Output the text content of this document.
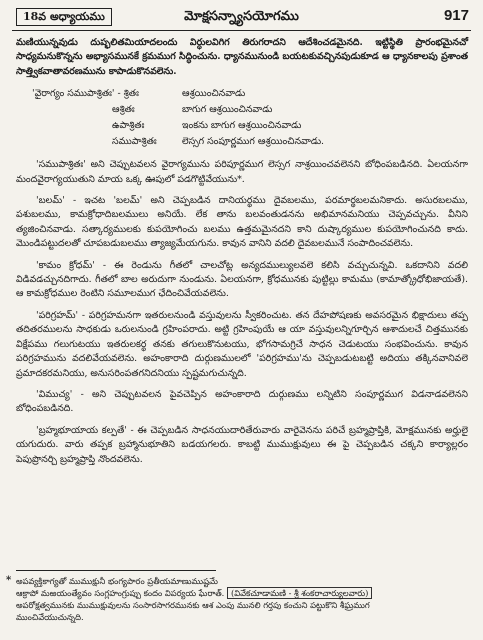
18వ అధ్యాయము	మోక్షసన్న్యాసయోగము	917

మణియున్నవుడు దుష్ఫలితమియాదలందు విర్ధులవిగిగ తిరుగరాదని ఆదేశించడమైనది. ఇట్టిస్థితి ప్రారంభమైనచో సాధ్యమనుకొన్నను అభ్యాసమునకే క్రమముగ సిద్ధించును. ధ్యానమునుండి బయటకువచ్చినపుడుకూడ ఆ ధ్యానకాలపు ప్రశాంత సాత్త్వికవాతావరణమును కాపాడుకొనవలెను.

'వైరాగ్యం సముపాశ్రితః' - శ్రితః	ఆశ్రయించినవాడు
ఆశ్రితః	బాగుగ ఆశ్రయించినవాడు
ఉపాశ్రితః	ఇంకను బాగుగ ఆశ్రయించినవాడు
సముపాశ్రితః	లెస్సగ సంపూర్ణముగ ఆశ్రయించినవాడు.

'సముపాశ్రితః' అని చెప్పుటవలన వైరాగ్యమును పరిపూర్ణముగ లెస్సగ నాశ్రయించవలెనని బోధింపబడినది. ఏలయనగా మందవైరాగ్యయుతుని మాయ ఒక్క ఊపులో పడగొట్టివేయును*.

'బలమ్' - ఇచట 'బలమ్' అని చెప్పబడిన దానియర్థము దైవబలము, పరమార్థబలమనికాదు. అసురబలము, పశుబలము, కామక్రోధాదిబలములు అనియే. లేక తాను బలవంతుడనను అభిమానమనియు చెప్పవచ్చును. వీనిని త్యజించినవాడు. సత్కార్యములకు కుపయోగించు బలము ఉత్తమమైనదని కాని దుష్కార్యముల కుపయోగించునది కాదు. మొండిపట్టుదలతో చూపబడుబలము త్యాజ్యమేయగును. కావున వానిని వదలి దైవబలమునే సంపాదించవలెను.

'కామం క్రోధమ్' - ఈ రెండును గీతలో చాలచోట్ల అన్యదముల్యులవలె కలిసి వచ్చుచున్నవి. ఒకదానిని వదలి విడివడచ్చునదిగాదు. గీతలో బాల అరుదుగా నుండును. ఏలయనగా, క్రోధమునకు పుట్టిల్లు కామము (కామాత్క్రోధోభిజాయతే). ఆ కామక్రోధముల రెంటిని సమూలముగ ఛేదించివేయవలెను.

'పరిగ్రహమ్' - పరిగ్రహమనగా ఇతరులనుండి వస్తువులను స్వీకరించుట. తన దేహపోషణకు అవసరమైన భిక్షాదులు తప్ప తదితరములను సాధకుడు ఒరులనుండి గ్రహింపరాదు. అట్టి గ్రహింపుయే ఆ యా వస్తువులన్నిగూర్చిన ఆశాదులచే చిత్తమునకు విక్షేపము గలుగుటయు ఇతరులకర్థ తనకు తగులుకొనుటయు, భోగసామగ్రిచే సాధన చెడుటయు సంభవించును. కావున పరిగ్రహమును వదలివేయవలెను. అహంకారాది దుర్గుణములలో 'పరిగ్రహము'ను చెప్పబడుటబట్టి అదియు తక్కినవానివలె ప్రమాదకరమనియు, అనుసరింపతగనిదనియు స్పష్టమగుచున్నది.

'విముచ్య' - అని చెప్పుటవలన పైవచెప్పిన అహంకారాది దుర్గుణము లన్నిటిని సంపూర్ణముగ విడనాడవలెనని బోధింపబడినది.

'బ్రహ్మభూయాయ కల్పతే' - ఈ చెప్పబడిన సాధనయుదారితేరువారు వారైవెనను పరిచే బ్రహ్మప్రాప్తికి, మోక్షమునకు అర్హులై యగుదురు. వారు తప్పక బ్రహ్మానుభూతిని బడయగలరు. కాబట్టి ముముక్షువులు ఈ పై చెప్పబడిన చక్కని కార్యాల్లరం పెపుప్రొనర్చి బ్రహ్మప్రాప్తి నొందవలెను.

* అపవ్యక్తికాగ్యతో ముముక్షునీ భంగ్యపారం ప్రతీయమాణుముష్టమే
ఆక్రాపో మఱయంత్యేవం సంగ్లహంగ్రుప్పు కందం విపర్యయ ఘేరాత్. (వివేకచూడామణి - శ్రీ శంకరాచార్యులవారు)
అపరోక్షత్వమునకు ముముక్షువులను సంసారసాగరమునకు ఆశ ఎంపు మునలి గర్తపు కంచుని పట్టుకొని శీఘ్రముగ
ముంచివేయుచున్నది.
